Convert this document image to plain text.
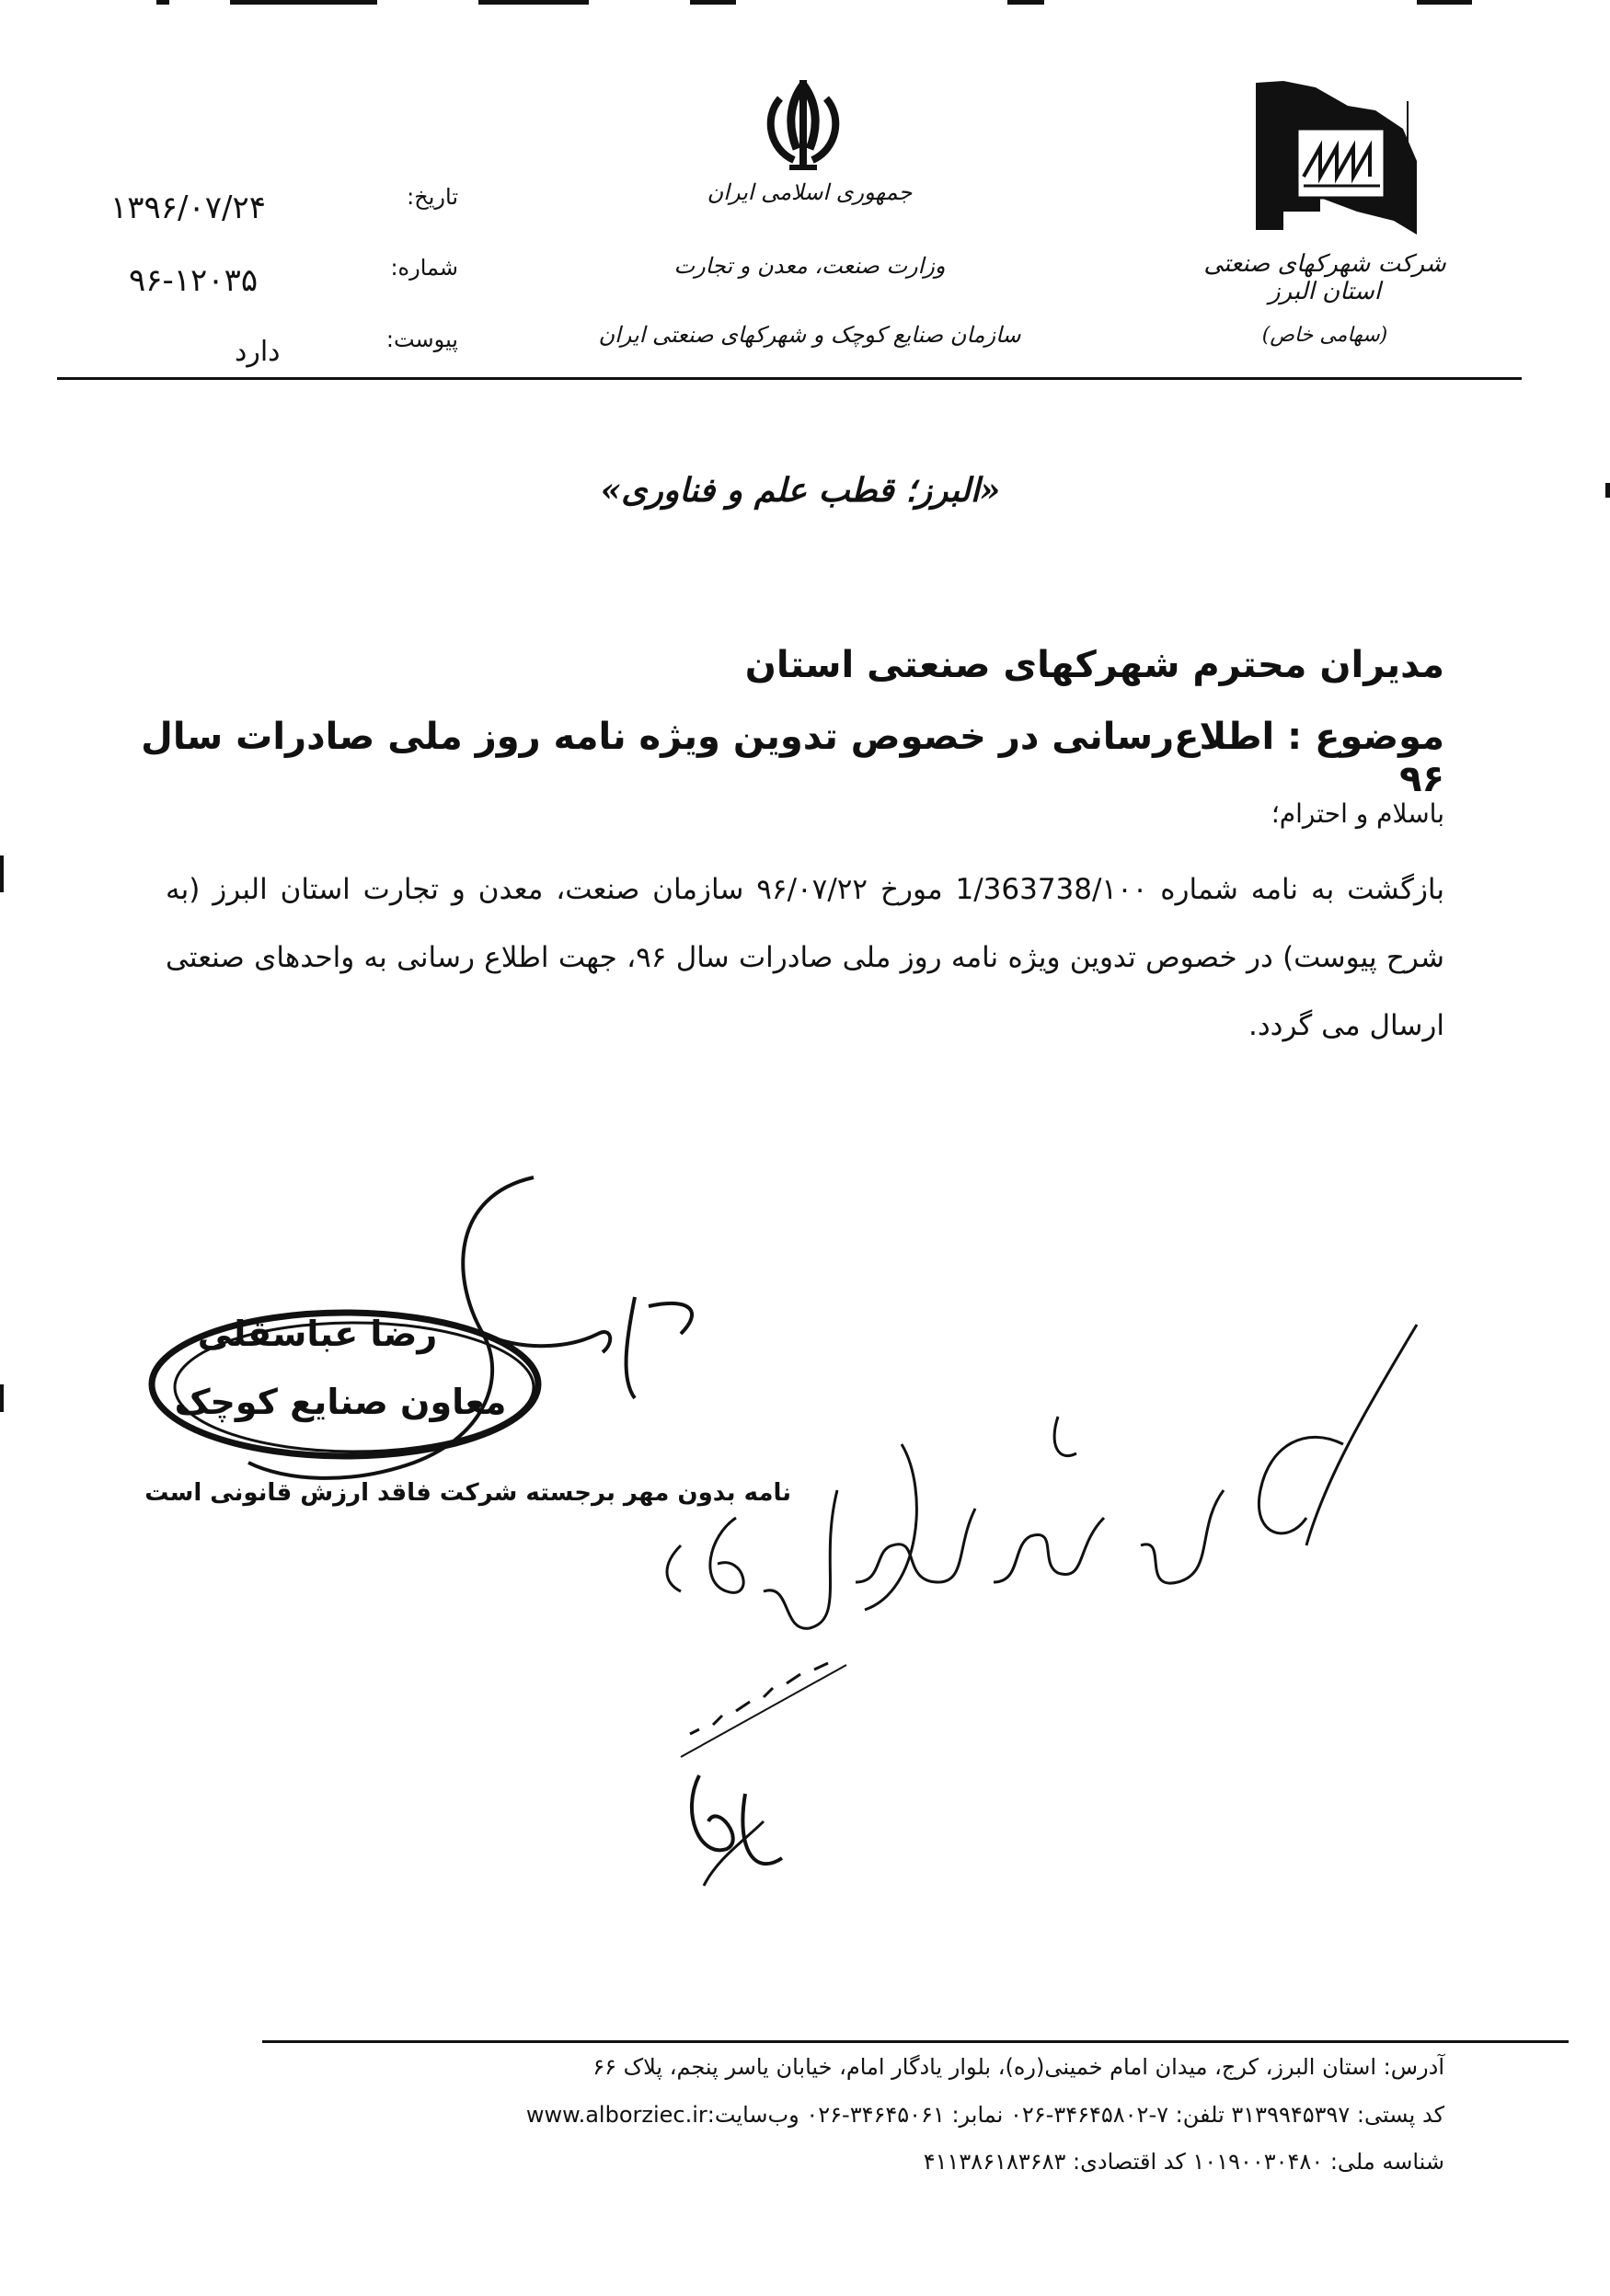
جمهوری اسلامی ایران
وزارت صنعت، معدن و تجارت
سازمان صنایع کوچک و شهرکهای صنعتی ایران
شرکت شهرکهای صنعتی استان البرز
(سهامی خاص)
تاریخ:
۱۳۹۶/۰۷/۲۴
شماره:
۹۶-۱۲۰۳۵
پیوست:
دارد
«البرز؛ قطب علم و فناوری»
مدیران محترم شهرکهای صنعتی استان
موضوع : اطلاع‌رسانی در خصوص تدوین ویژه نامه روز ملی صادرات سال ۹۶
باسلام و احترام؛
بازگشت به نامه شماره 1/363738/۱۰۰ مورخ ۹۶/۰۷/۲۲ سازمان صنعت، معدن و تجارت استان البرز (به شرح پیوست) در خصوص تدوین ویژه نامه روز ملی صادرات سال ۹۶، جهت اطلاع رسانی به واحدهای صنعتی ارسال می گردد.
رضا عباسقلی
معاون صنایع کوچک
نامه بدون مهر برجسته شرکت فاقد ارزش قانونی است
آدرس: استان البرز، کرج، میدان امام خمینی(ره)، بلوار یادگار امام، خیابان یاسر پنجم، پلاک ۶۶
کد پستی: ۳۱۳۹۹۴۵۳۹۷ تلفن: ۷-۳۴۶۴۵۸۰۲-۰۲۶ نمابر: ۳۴۶۴۵۰۶۱-۰۲۶ وب‌سایت:www.alborziec.ir
شناسه ملی: ۱۰۱۹۰۰۳۰۴۸۰ کد اقتصادی: ۴۱۱۳۸۶۱۸۳۶۸۳
